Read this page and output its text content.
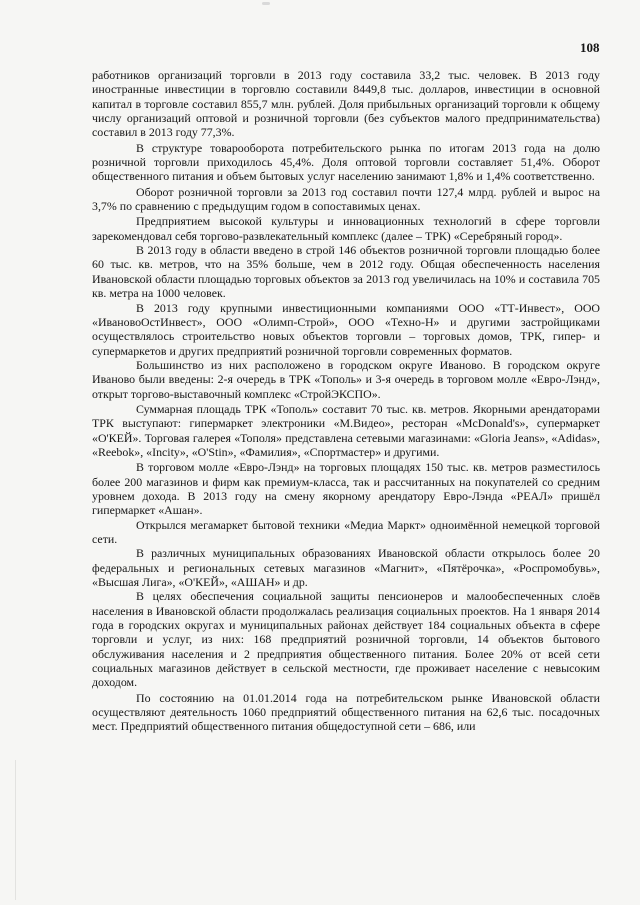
108

работников организаций торговли в 2013 году составила 33,2 тыс. человек. В 2013 году иностранные инвестиции в торговлю составили 8449,8 тыс. долларов, инвестиции в основной капитал в торговле составил 855,7 млн. рублей. Доля прибыльных организаций торговли к общему числу организаций оптовой и розничной торговли (без субъектов малого предпринимательства) составил в 2013 году 77,3%.

В структуре товарооборота потребительского рынка по итогам 2013 года на долю розничной торговли приходилось 45,4%. Доля оптовой торговли составляет 51,4%. Оборот общественного питания и объем бытовых услуг населению занимают 1,8% и 1,4% соответственно.

Оборот розничной торговли за 2013 год составил почти 127,4 млрд. рублей и вырос на 3,7% по сравнению с предыдущим годом в сопоставимых ценах.

Предприятием высокой культуры и инновационных технологий в сфере торговли зарекомендовал себя торгово-развлекательный комплекс (далее – ТРК) «Серебряный город».

В 2013 году в области введено в строй 146 объектов розничной торговли площадью более 60 тыс. кв. метров, что на 35% больше, чем в 2012 году. Общая обеспеченность населения Ивановской области площадью торговых объектов за 2013 год увеличилась на 10% и составила 705 кв. метра на 1000 человек.

В 2013 году крупными инвестиционными компаниями ООО «ТТ-Инвест», ООО «ИвановоОстИнвест», ООО «Олимп-Строй», ООО «Техно-Н» и другими застройщиками осуществлялось строительство новых объектов торговли – торговых домов, ТРК, гипер- и супермаркетов и других предприятий розничной торговли современных форматов.

Большинство из них расположено в городском округе Иваново. В городском округе Иваново были введены: 2-я очередь в ТРК «Тополь» и 3-я очередь в торговом молле «Евро-Лэнд», открыт торгово-выставочный комплекс «СтройЭКСПО».

Суммарная площадь ТРК «Тополь» составит 70 тыс. кв. метров. Якорными арендаторами ТРК выступают: гипермаркет электроники «М.Видео», ресторан «McDonald's», супермаркет «О'КЕЙ». Торговая галерея «Тополя» представлена сетевыми магазинами: «Gloria Jeans», «Adidas», «Reebok», «Incity», «O'Stin», «Фамилия», «Спортмастер» и другими.

В торговом молле «Евро-Лэнд» на торговых площадях 150 тыс. кв. метров разместилось более 200 магазинов и фирм как премиум-класса, так и рассчитанных на покупателей со средним уровнем дохода. В 2013 году на смену якорному арендатору Евро-Лэнда «РЕАЛ» пришёл гипермаркет «Ашан».

Открылся мегамаркет бытовой техники «Медиа Маркт» одноимённой немецкой торговой сети.

В различных муниципальных образованиях Ивановской области открылось более 20 федеральных и региональных сетевых магазинов «Магнит», «Пятёрочка», «Роспромобувь», «Высшая Лига», «О'КЕЙ», «АШАН» и др.

В целях обеспечения социальной защиты пенсионеров и малообеспеченных слоёв населения в Ивановской области продолжалась реализация социальных проектов. На 1 января 2014 года в городских округах и муниципальных районах действует 184 социальных объекта в сфере торговли и услуг, из них: 168 предприятий розничной торговли, 14 объектов бытового обслуживания населения и 2 предприятия общественного питания. Более 20% от всей сети социальных магазинов действует в сельской местности, где проживает население с невысоким доходом.

По состоянию на 01.01.2014 года на потребительском рынке Ивановской области осуществляют деятельность 1060 предприятий общественного питания на 62,6 тыс. посадочных мест. Предприятий общественного питания общедоступной сети – 686, или
